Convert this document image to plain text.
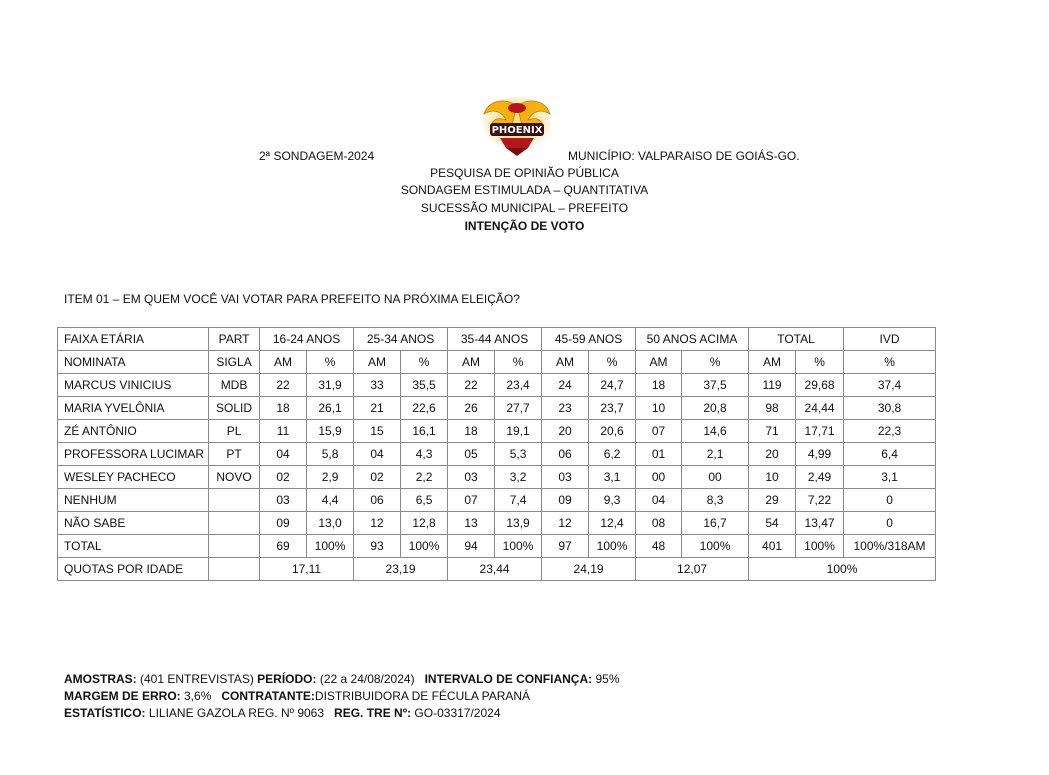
PHOENIX
2ª SONDAGEM-2024	MUNICÍPIO: VALPARAISO DE GOIÁS-GO.
PESQUISA DE OPINIÃO PÚBLICA
SONDAGEM ESTIMULADA – QUANTITATIVA
SUCESSÃO MUNICIPAL – PREFEITO
INTENÇÃO DE VOTO
ITEM 01 – EM QUEM VOCÊ VAI VOTAR PARA PREFEITO NA PRÓXIMA ELEIÇÃO?
FAIXA ETÁRIA	PART	16-24 ANOS		25-34 ANOS		35-44 ANOS		45-59 ANOS		50 ANOS ACIMA		TOTAL		IVD
NOMINATA	SIGLA	AM	%	AM	%	AM	%	AM	%	AM	%	AM	%	%
MARCUS VINICIUS	MDB	22	31,9	33	35,5	22	23,4	24	24,7	18	37,5	119	29,68	37,4
MARIA YVELÔNIA	SOLID	18	26,1	21	22,6	26	27,7	23	23,7	10	20,8	98	24,44	30,8
ZÉ ANTÔNIO	PL	11	15,9	15	16,1	18	19,1	20	20,6	07	14,6	71	17,71	22,3
PROFESSORA LUCIMAR	PT	04	5,8	04	4,3	05	5,3	06	6,2	01	2,1	20	4,99	6,4
WESLEY PACHECO	NOVO	02	2,9	02	2,2	03	3,2	03	3,1	00	00	10	2,49	3,1
NENHUM		03	4,4	06	6,5	07	7,4	09	9,3	04	8,3	29	7,22	0
NÃO SABE		09	13,0	12	12,8	13	13,9	12	12,4	08	16,7	54	13,47	0
TOTAL		69	100%	93	100%	94	100%	97	100%	48	100%	401	100%	100%/318AM
QUOTAS POR IDADE		17,11		23,19		23,44		24,19		12,07		100%		
AMOSTRAS: (401 ENTREVISTAS) PERÍODO: (22 a 24/08/2024)   INTERVALO DE CONFIANÇA: 95%
MARGEM DE ERRO: 3,6%   CONTRATANTE:DISTRIBUIDORA DE FÉCULA PARANÁ
ESTATÍSTICO: LILIANE GAZOLA REG. Nº 9063   REG. TRE Nº: GO-03317/2024
